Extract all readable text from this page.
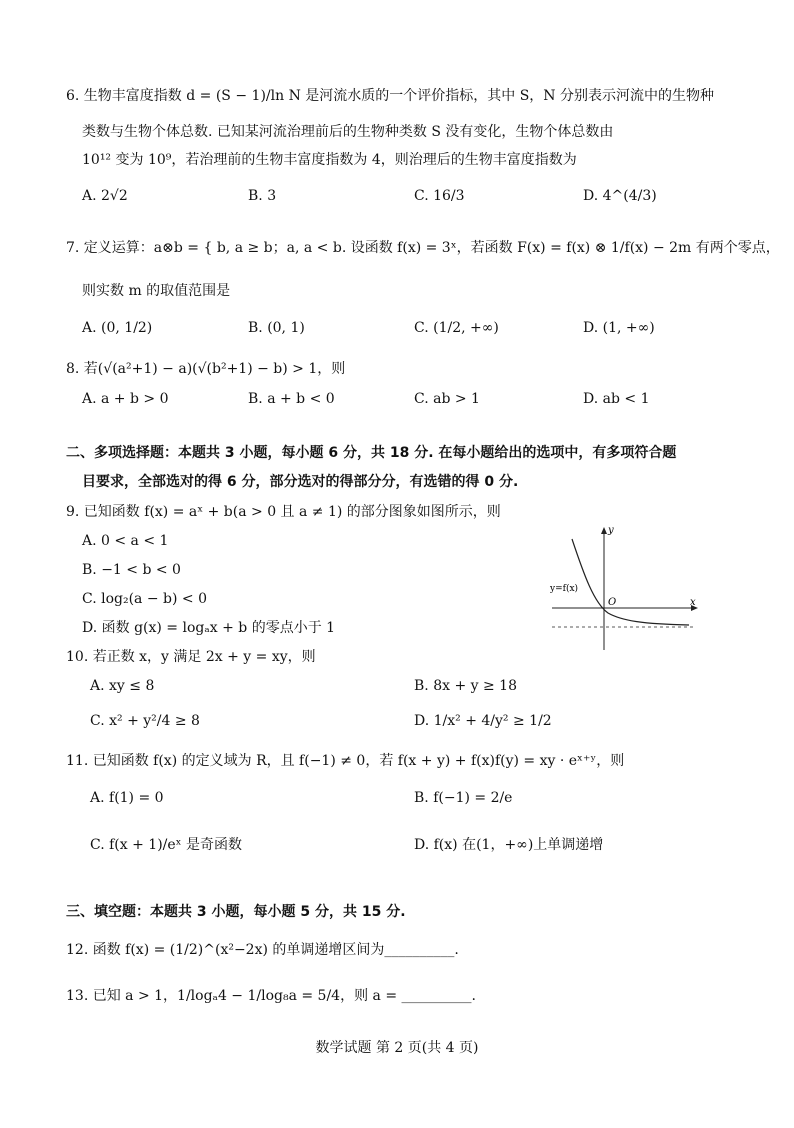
6. 生物丰富度指数 d = (S − 1)/ln N 是河流水质的一个评价指标，其中 S，N 分别表示河流中的生物种
类数与生物个体总数. 已知某河流治理前后的生物种类数 S 没有变化，生物个体总数由
10¹² 变为 10⁹，若治理前的生物丰富度指数为 4，则治理后的生物丰富度指数为
A. 2√2	B. 3	C. 16/3	D. 4^(4/3)
7. 定义运算：a⊗b = { b, a ≥ b；a, a < b. 设函数 f(x) = 3ˣ，若函数 F(x) = f(x) ⊗ 1/f(x) − 2m 有两个零点，
则实数 m 的取值范围是
A. (0, 1/2)	B. (0, 1)	C. (1/2, +∞)	D. (1, +∞)
8. 若(√(a²+1) − a)(√(b²+1) − b) > 1，则
A. a + b > 0	B. a + b < 0	C. ab > 1	D. ab < 1
二、多项选择题：本题共 3 小题，每小题 6 分，共 18 分. 在每小题给出的选项中，有多项符合题
目要求，全部选对的得 6 分，部分选对的得部分分，有选错的得 0 分.
9. 已知函数 f(x) = aˣ + b(a > 0 且 a ≠ 1) 的部分图象如图所示，则
A. 0 < a < 1
B. −1 < b < 0
C. log₂(a − b) < 0
D. 函数 g(x) = logₐx + b 的零点小于 1
y
x
O
y=f(x)
10. 若正数 x，y 满足 2x + y = xy，则
A. xy ≤ 8	B. 8x + y ≥ 18
C. x² + y²/4 ≥ 8	D. 1/x² + 4/y² ≥ 1/2
11. 已知函数 f(x) 的定义域为 R，且 f(−1) ≠ 0，若 f(x + y) + f(x)f(y) = xy · eˣ⁺ʸ，则
A. f(1) = 0	B. f(−1) = 2/e
C. f(x + 1)/eˣ 是奇函数	D. f(x) 在(1，+∞)上单调递增
三、填空题：本题共 3 小题，每小题 5 分，共 15 分.
12. 函数 f(x) = (1/2)^(x²−2x) 的单调递增区间为__________.
13. 已知 a > 1，1/logₐ4 − 1/log₈a = 5/4，则 a = __________.
数学试题 第 2 页(共 4 页)
